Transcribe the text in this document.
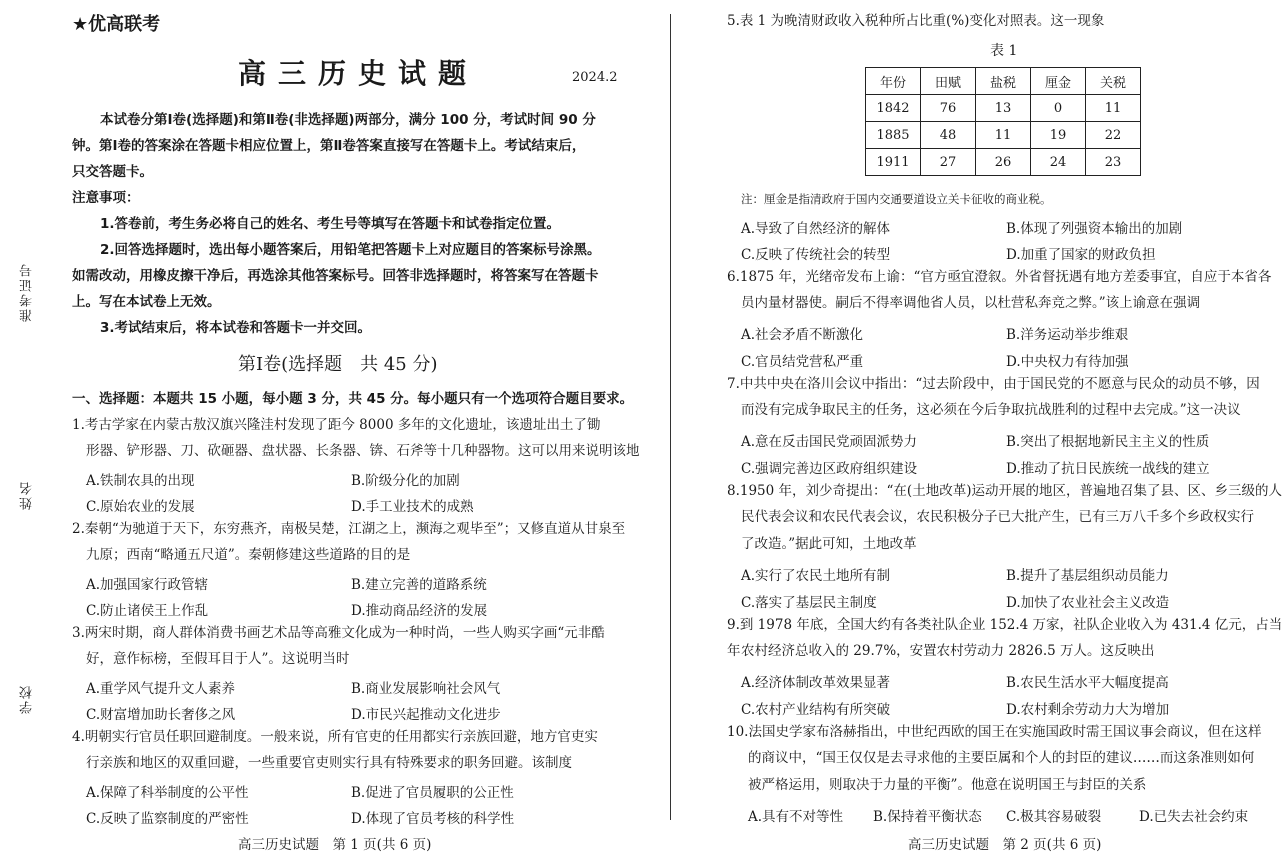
准考证号
姓名
学校
★优高联考
高三历史试题	2024.2
本试卷分第Ⅰ卷(选择题)和第Ⅱ卷(非选择题)两部分，满分 100 分，考试时间 90 分
钟。第Ⅰ卷的答案涂在答题卡相应位置上，第Ⅱ卷答案直接写在答题卡上。考试结束后，
只交答题卡。
注意事项：
1.答卷前，考生务必将自己的姓名、考生号等填写在答题卡和试卷指定位置。
2.回答选择题时，选出每小题答案后，用铅笔把答题卡上对应题目的答案标号涂黑。
如需改动，用橡皮擦干净后，再选涂其他答案标号。回答非选择题时，将答案写在答题卡
上。写在本试卷上无效。
3.考试结束后，将本试卷和答题卡一并交回。
第Ⅰ卷(选择题　共 45 分)
一、选择题：本题共 15 小题，每小题 3 分，共 45 分。每小题只有一个选项符合题目要求。
1.考古学家在内蒙古敖汉旗兴隆洼村发现了距今 8000 多年的文化遗址，该遗址出土了锄
形器、铲形器、刀、砍砸器、盘状器、长条器、锛、石斧等十几种器物。这可以用来说明该地
A.铁制农具的出现	B.阶级分化的加剧
C.原始农业的发展	D.手工业技术的成熟
2.秦朝“为驰道于天下，东穷燕齐，南极吴楚，江湖之上，濒海之观毕至”；又修直道从甘泉至
九原；西南“略通五尺道”。秦朝修建这些道路的目的是
A.加强国家行政管辖	B.建立完善的道路系统
C.防止诸侯王上作乱	D.推动商品经济的发展
3.两宋时期，商人群体消费书画艺术品等高雅文化成为一种时尚，一些人购买字画“元非酷
好，意作标榜，至假耳目于人”。这说明当时
A.重学风气提升文人素养	B.商业发展影响社会风气
C.财富增加助长奢侈之风	D.市民兴起推动文化进步
4.明朝实行官员任职回避制度。一般来说，所有官吏的任用都实行亲族回避，地方官吏实
行亲族和地区的双重回避，一些重要官吏则实行具有特殊要求的职务回避。该制度
A.保障了科举制度的公平性	B.促进了官员履职的公正性
C.反映了监察制度的严密性	D.体现了官员考核的科学性
高三历史试题　第 1 页(共 6 页)
5.表 1 为晚清财政收入税种所占比重(%)变化对照表。这一现象
表 1
年份	田赋	盐税	厘金	关税
1842	76	13	0	11
1885	48	11	19	22
1911	27	26	24	23
注：厘金是指清政府于国内交通要道设立关卡征收的商业税。
A.导致了自然经济的解体	B.体现了列强资本输出的加剧
C.反映了传统社会的转型	D.加重了国家的财政负担
6.1875 年，光绪帝发布上谕：“官方亟宜澄叙。外省督抚遇有地方差委事宜，自应于本省各
员内量材器使。嗣后不得率调他省人员，以杜营私奔竞之弊。”该上谕意在强调
A.社会矛盾不断激化	B.洋务运动举步维艰
C.官员结党营私严重	D.中央权力有待加强
7.中共中央在洛川会议中指出：“过去阶段中，由于国民党的不愿意与民众的动员不够，因
而没有完成争取民主的任务，这必须在今后争取抗战胜利的过程中去完成。”这一决议
A.意在反击国民党顽固派势力	B.突出了根据地新民主主义的性质
C.强调完善边区政府组织建设	D.推动了抗日民族统一战线的建立
8.1950 年，刘少奇提出：“在(土地改革)运动开展的地区，普遍地召集了县、区、乡三级的人
民代表会议和农民代表会议，农民积极分子已大批产生，已有三万八千多个乡政权实行
了改造。”据此可知，土地改革
A.实行了农民土地所有制	B.提升了基层组织动员能力
C.落实了基层民主制度	D.加快了农业社会主义改造
9.到 1978 年底，全国大约有各类社队企业 152.4 万家，社队企业收入为 431.4 亿元，占当年 农村经济总收入的 29.7%，安置农村劳动力 2826.5 万人。这反映出
A.经济体制改革效果显著	B.农民生活水平大幅度提高
C.农村产业结构有所突破	D.农村剩余劳动力大为增加
10.法国史学家布洛赫指出，中世纪西欧的国王在实施国政时需王国议事会商议，但在这样
的商议中，“国王仅仅是去寻求他的主要臣属和个人的封臣的建议……而这条准则如何
被严格运用，则取决于力量的平衡”。他意在说明国王与封臣的关系
A.具有不对等性 B.保持着平衡状态 C.极其容易破裂	D.已失去社会约束
高三历史试题　第 2 页(共 6 页)
